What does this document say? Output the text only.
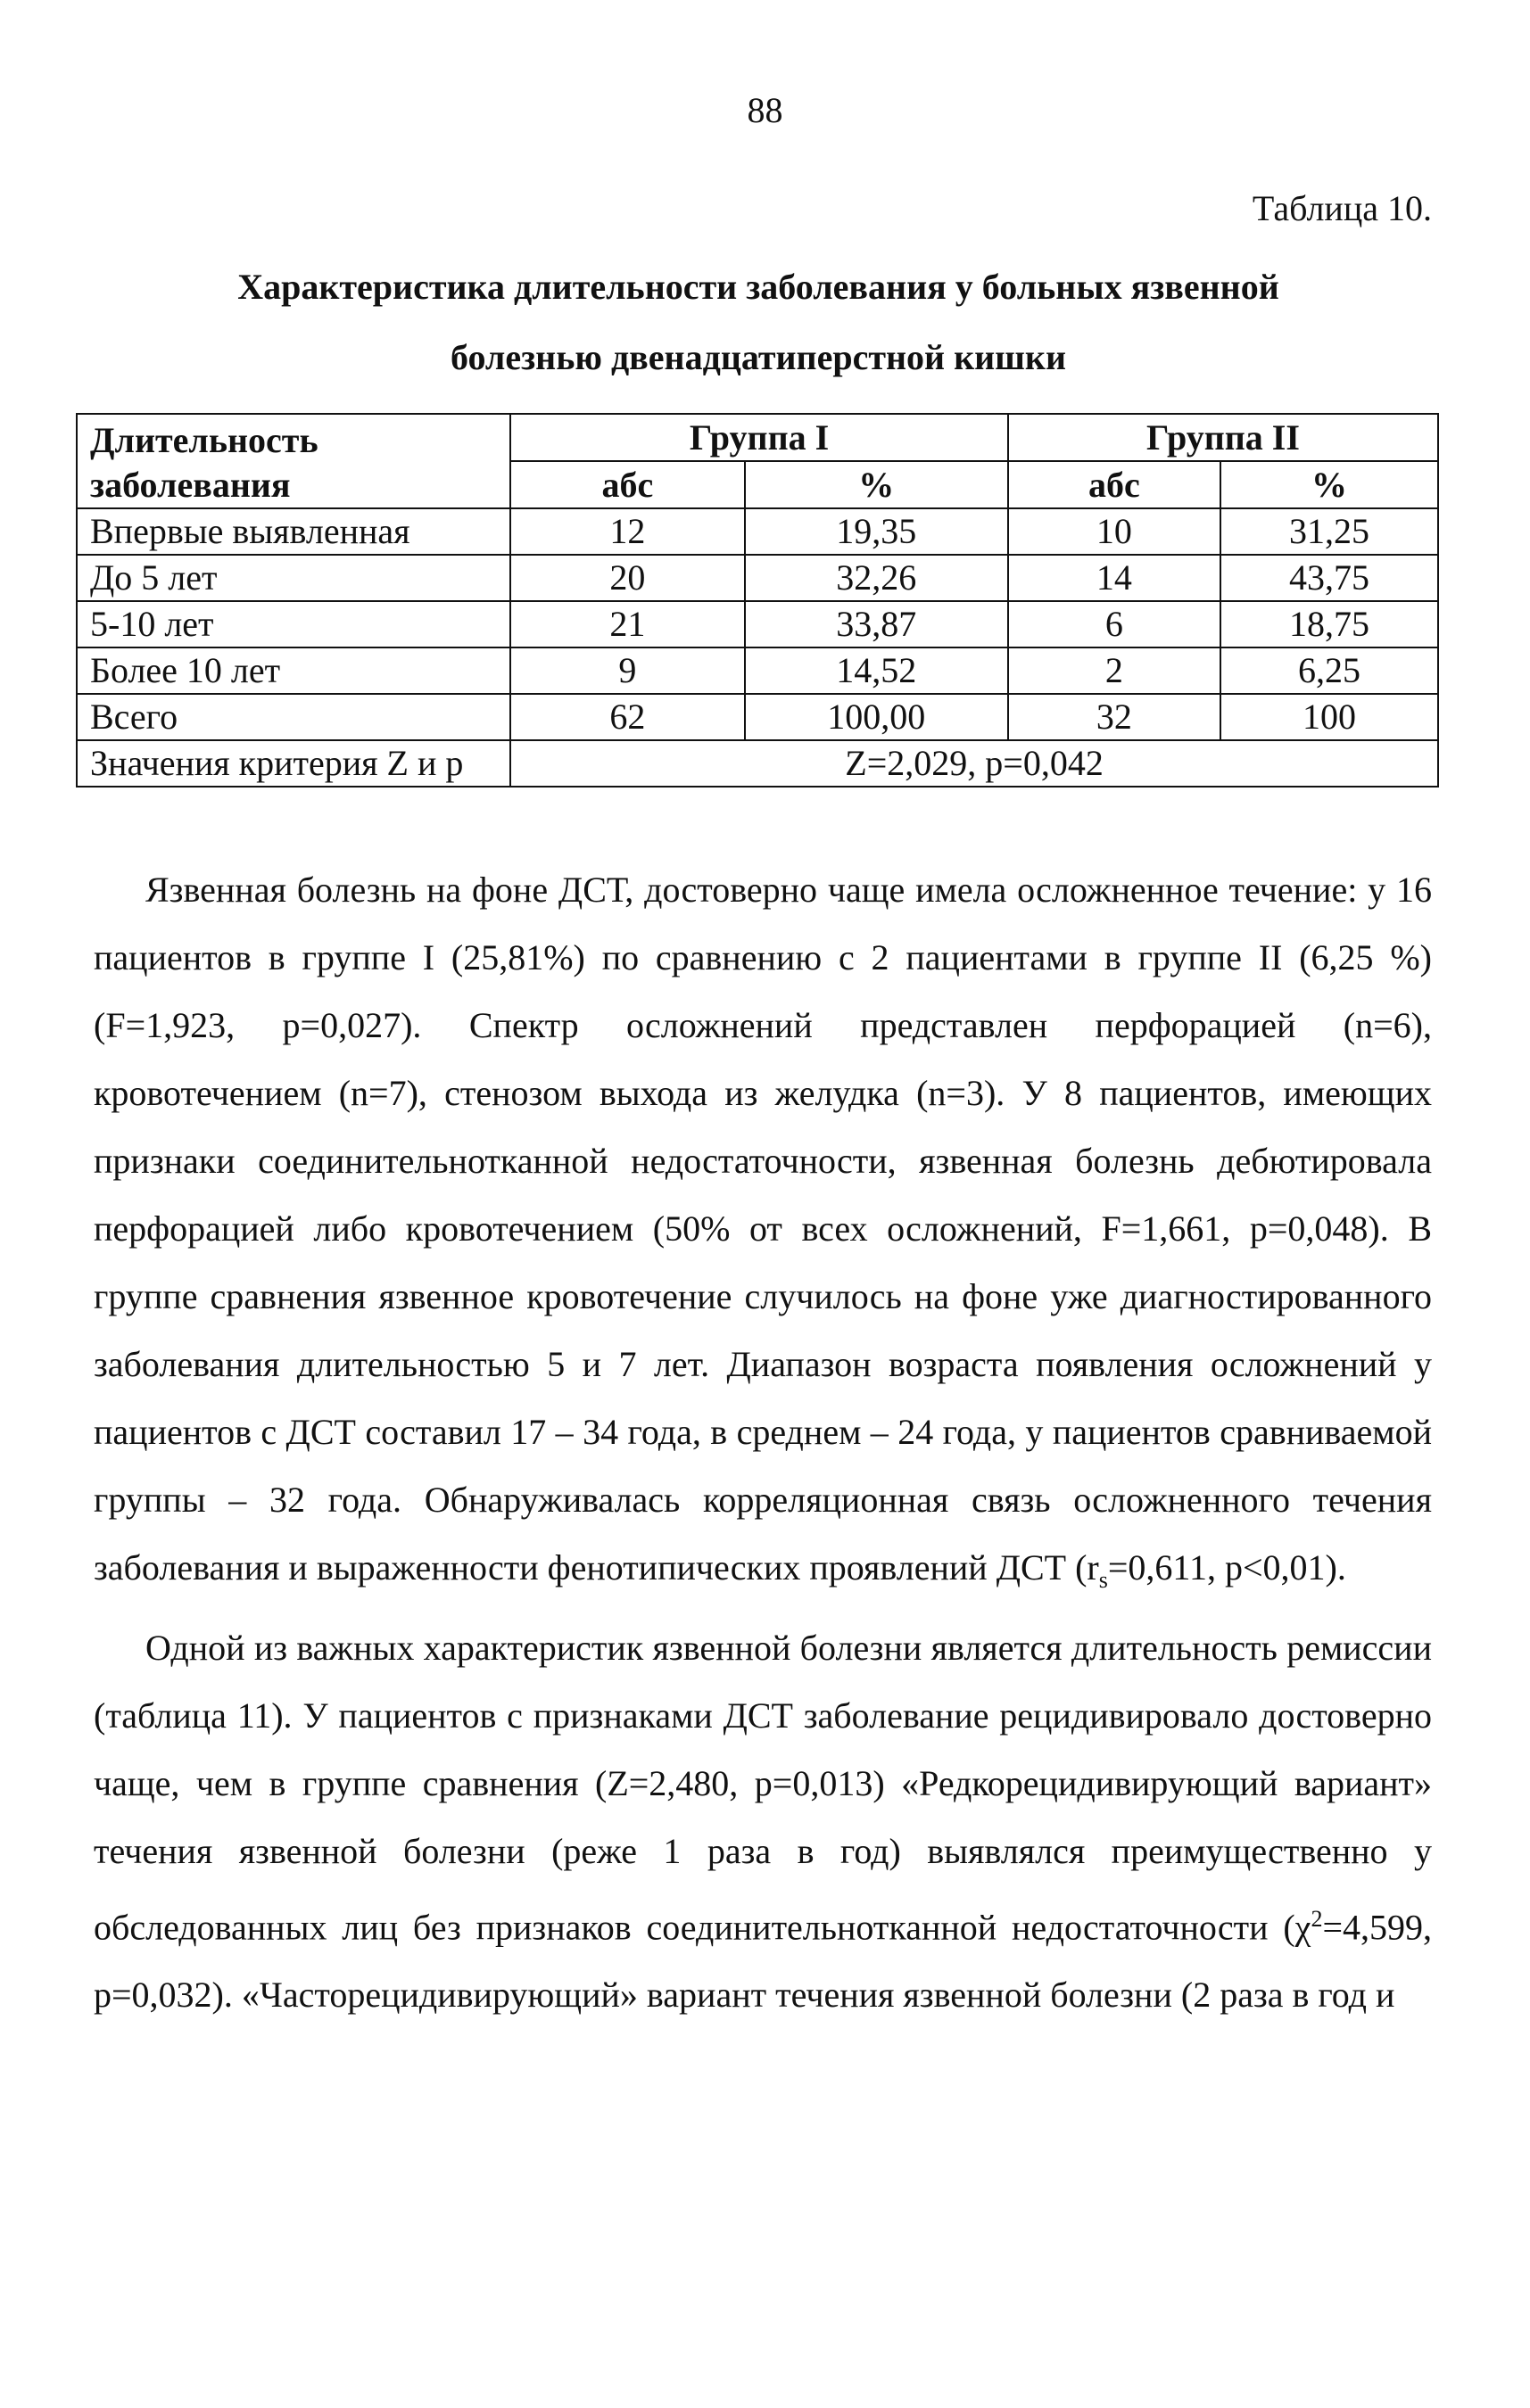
88
Таблица 10.
Характеристика длительности заболевания у больных язвенной
болезнью двенадцатиперстной кишки
Длительность заболевания	Группа I		Группа II	
	абс	%	абс	%
Впервые выявленная	12	19,35	10	31,25
До 5 лет	20	32,26	14	43,75
5-10 лет	21	33,87	6	18,75
Более 10 лет	9	14,52	2	6,25
Всего	62	100,00	32	100
Значения критерия Z и p	Z=2,029, p=0,042			

Язвенная болезнь на фоне ДСТ, достоверно чаще имела осложненное течение: у 16 пациентов в группе I (25,81%) по сравнению с 2 пациентами в группе II (6,25 %) (F=1,923, p=0,027). Спектр осложнений представлен перфорацией (n=6), кровотечением (n=7), стенозом выхода из желудка (n=3). У 8 пациентов, имеющих признаки соединительнотканной недостаточности, язвенная болезнь дебютировала перфорацией либо кровотечением (50% от всех осложнений, F=1,661, p=0,048). В группе сравнения язвенное кровотечение случилось на фоне уже диагностированного заболевания длительностью 5 и 7 лет. Диапазон возраста появления осложнений у пациентов с ДСТ составил 17 – 34 года, в среднем – 24 года, у пациентов сравниваемой группы – 32 года. Обнаруживалась корреляционная связь осложненного течения заболевания и выраженности фенотипических проявлений ДСТ ($r_s=0,611$, p<0,01).

Одной из важных характеристик язвенной болезни является длительность ремиссии (таблица 11). У пациентов с признаками ДСТ заболевание рецидивировало достоверно чаще, чем в группе сравнения (Z=2,480, p=0,013) «Редкорецидивирующий вариант» течения язвенной болезни (реже 1 раза в год) выявлялся преимущественно у обследованных лиц без признаков соединительнотканной недостаточности ($\chi^2=4,599$, p=0,032). «Часторецидивирующий» вариант течения язвенной болезни (2 раза в год и
